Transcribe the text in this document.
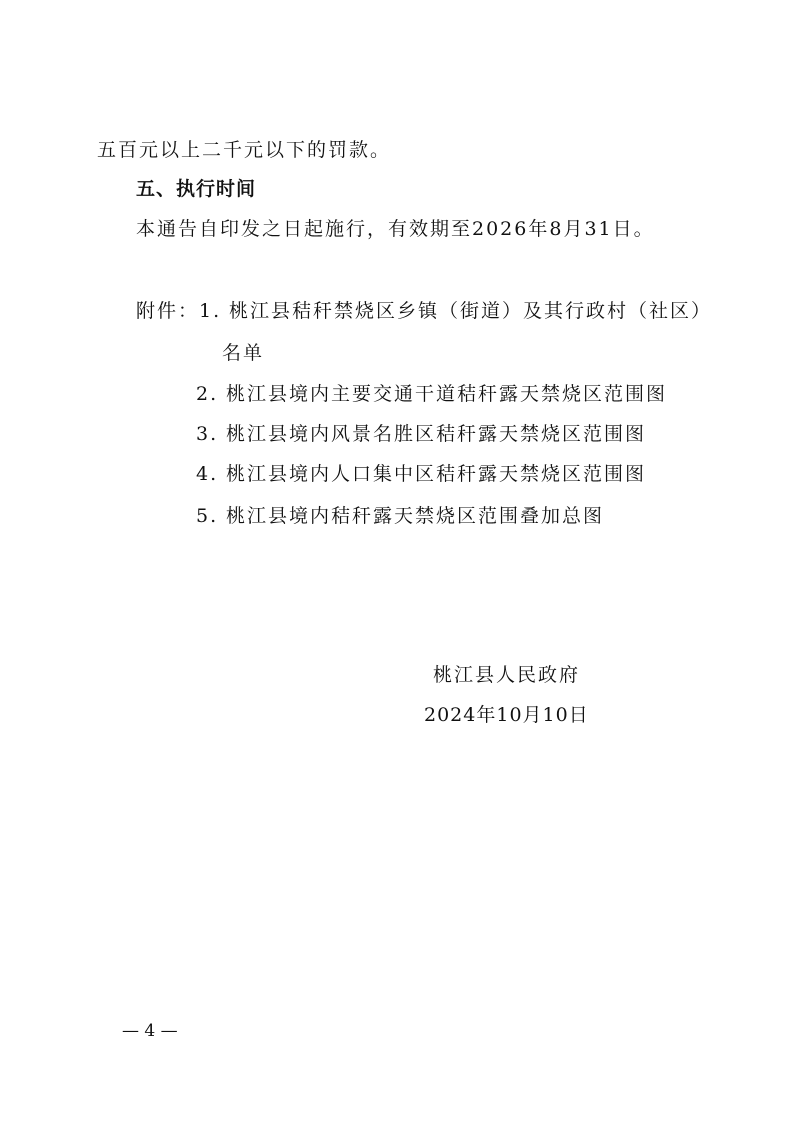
五百元以上二千元以下的罚款。
五、执行时间
本通告自印发之日起施行，有效期至2026年8月31日。
附件：1. 桃江县秸秆禁烧区乡镇（街道）及其行政村（社区）
名单
2. 桃江县境内主要交通干道秸秆露天禁烧区范围图
3. 桃江县境内风景名胜区秸秆露天禁烧区范围图
4. 桃江县境内人口集中区秸秆露天禁烧区范围图
5. 桃江县境内秸秆露天禁烧区范围叠加总图
桃江县人民政府
2024年10月10日
— 4 —
